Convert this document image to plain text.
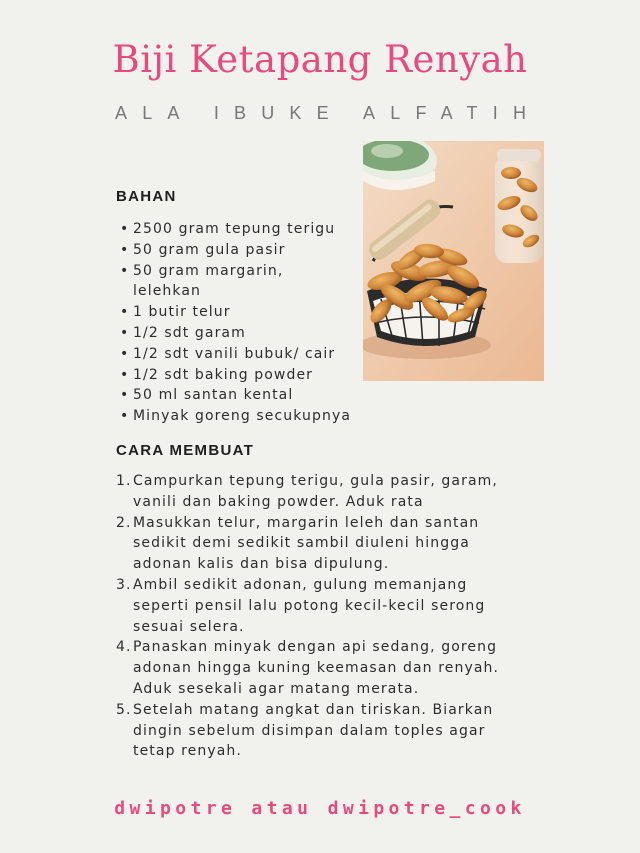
Biji Ketapang Renyah
ALA IBUKE ALFATIH
BAHAN
• 2500 gram tepung terigu
• 50 gram gula pasir
• 50 gram margarin, lelehkan
• 1 butir telur
• 1/2 sdt garam
• 1/2 sdt vanili bubuk/ cair
• 1/2 sdt baking powder
• 50 ml santan kental
• Minyak goreng secukupnya
CARA MEMBUAT
1. Campurkan tepung terigu, gula pasir, garam, vanili dan baking powder. Aduk rata
2. Masukkan telur, margarin leleh dan santan sedikit demi sedikit sambil diuleni hingga adonan kalis dan bisa dipulung.
3. Ambil sedikit adonan, gulung memanjang seperti pensil lalu potong kecil-kecil serong sesuai selera.
4. Panaskan minyak dengan api sedang, goreng adonan hingga kuning keemasan dan renyah. Aduk sesekali agar matang merata.
5. Setelah matang angkat dan tiriskan. Biarkan dingin sebelum disimpan dalam toples agar tetap renyah.
dwipotre atau dwipotre_cook
